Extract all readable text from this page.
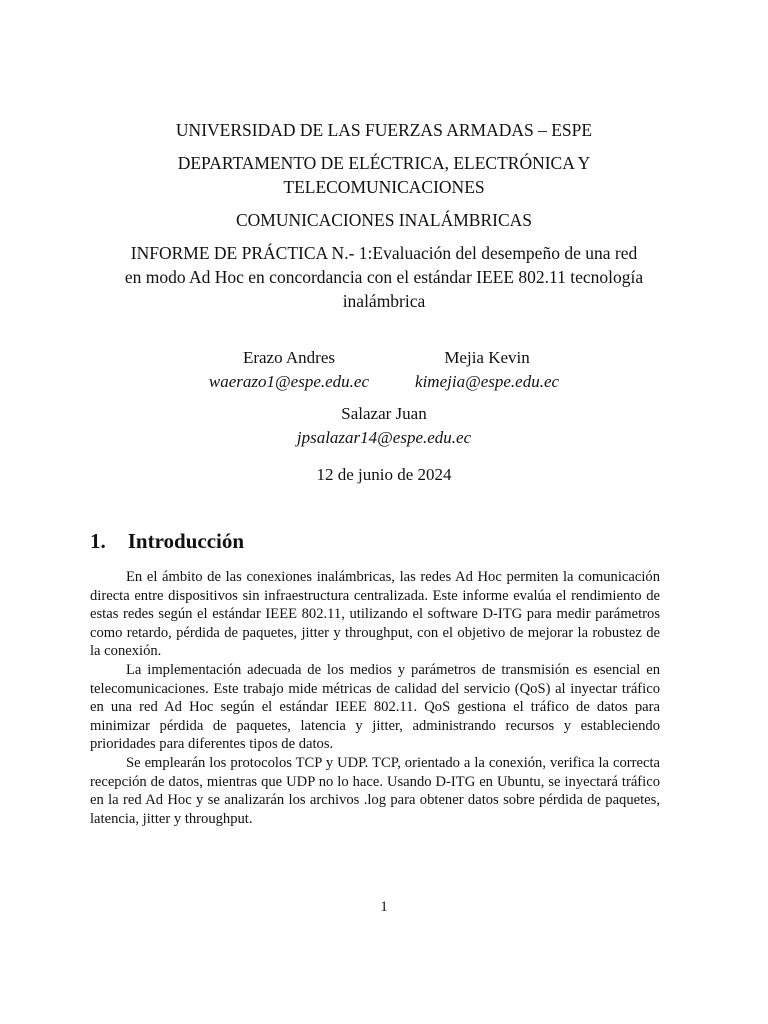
UNIVERSIDAD DE LAS FUERZAS ARMADAS – ESPE

DEPARTAMENTO DE ELÉCTRICA, ELECTRÓNICA Y

TELECOMUNICACIONES

COMUNICACIONES INALÁMBRICAS

INFORME DE PRÁCTICA N.- 1:Evaluación del desempeño de una red

en modo Ad Hoc en concordancia con el estándar IEEE 802.11 tecnología

inalámbrica

Erazo Andres
waerazo1@espe.edu.ec
Mejia Kevin
kimejia@espe.edu.ec
Salazar Juan
jpsalazar14@espe.edu.ec
12 de junio de 2024
1. Introducción

En el ámbito de las conexiones inalámbricas, las redes Ad Hoc permiten la comunicación directa entre dispositivos sin infraestructura centralizada. Este informe evalúa el rendimiento de estas redes según el estándar IEEE 802.11, utilizando el software D-ITG para medir parámetros como retardo, pérdida de paquetes, jitter y throughput, con el objetivo de mejorar la robustez de la conexión.

La implementación adecuada de los medios y parámetros de transmisión es esencial en telecomunicaciones. Este trabajo mide métricas de calidad del servicio (QoS) al inyectar tráfico en una red Ad Hoc según el estándar IEEE 802.11. QoS gestiona el tráfico de datos para minimizar pérdida de paquetes, latencia y jitter, administrando recursos y estableciendo prioridades para diferentes tipos de datos.

Se emplearán los protocolos TCP y UDP. TCP, orientado a la conexión, verifica la correcta recepción de datos, mientras que UDP no lo hace. Usando D-ITG en Ubuntu, se inyectará tráfico en la red Ad Hoc y se analizarán los archivos .log para obtener datos sobre pérdida de paquetes, latencia, jitter y throughput.

1
